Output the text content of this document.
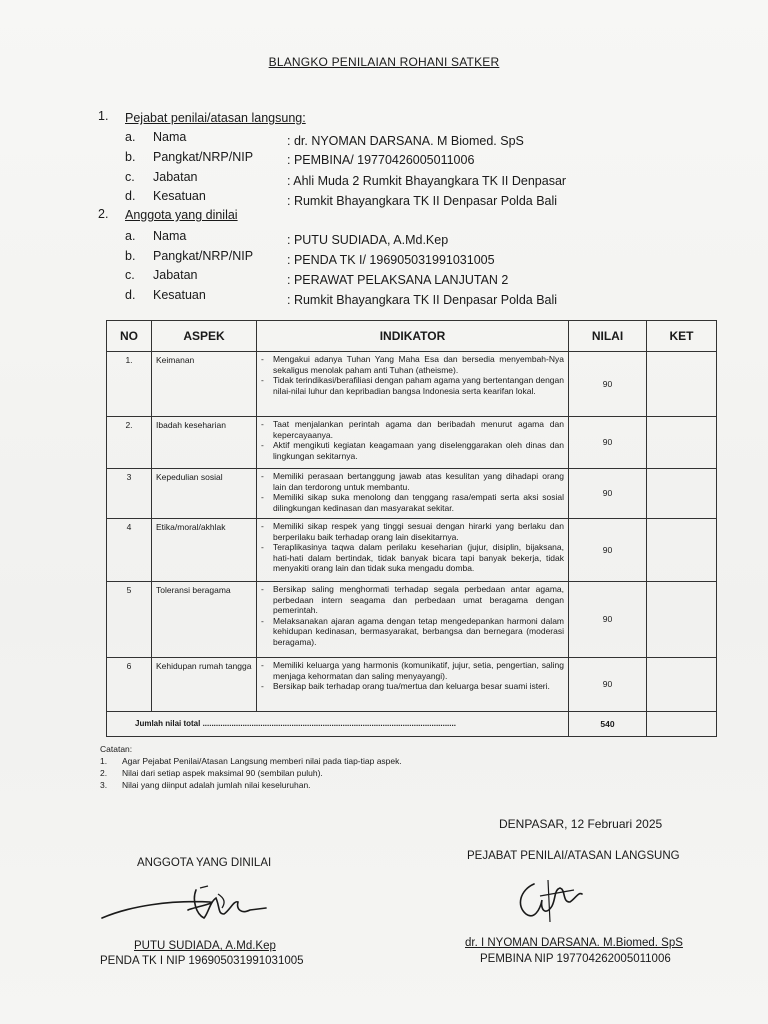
BLANGKO PENILAIAN ROHANI SATKER
1. Pejabat penilai/atasan langsung:
a. Nama	: dr. NYOMAN DARSANA. M Biomed. SpS
b. Pangkat/NRP/NIP	: PEMBINA/ 19770426005011006
c. Jabatan	: Ahli Muda 2 Rumkit Bhayangkara TK II Denpasar
d. Kesatuan	: Rumkit Bhayangkara TK II Denpasar Polda Bali
2. Anggota yang dinilai
a. Nama	: PUTU SUDIADA, A.Md.Kep
b. Pangkat/NRP/NIP	: PENDA TK I/ 196905031991031005
c. Jabatan	: PERAWAT PELAKSANA LANJUTAN 2
d. Kesatuan	: Rumkit Bhayangkara TK II Denpasar Polda Bali
NO	ASPEK	INDIKATOR	NILAI	KET
1.	Keimanan	- Mengakui adanya Tuhan Yang Maha Esa dan bersedia menyembah-Nya sekaligus menolak paham anti Tuhan (atheisme).
- Tidak terindikasi/berafiliasi dengan paham agama yang bertentangan dengan nilai-nilai luhur dan kepribadian bangsa Indonesia serta kearifan lokal.	90	
2.	Ibadah keseharian	- Taat menjalankan perintah agama dan beribadah menurut agama dan kepercayaanya.
- Aktif mengikuti kegiatan keagamaan yang diselenggarakan oleh dinas dan lingkungan sekitarnya.	90	
3	Kepedulian sosial	- Memiliki perasaan bertanggung jawab atas kesulitan yang dihadapi orang lain dan terdorong untuk membantu.
- Memiliki sikap suka menolong dan tenggang rasa/empati serta aksi sosial dilingkungan kedinasan dan masyarakat sekitar.	90	
4	Etika/moral/akhlak	- Memiliki sikap respek yang tinggi sesuai dengan hirarki yang berlaku dan berperilaku baik terhadap orang lain disekitarnya.
- Teraplikasinya taqwa dalam perilaku keseharian (jujur, disiplin, bijaksana, hati-hati dalam bertindak, tidak banyak bicara tapi banyak bekerja, tidak menyakiti orang lain dan tidak suka mengadu domba.	90	
5	Toleransi beragama	- Bersikap saling menghormati terhadap segala perbedaan antar agama, perbedaan intern seagama dan perbedaan umat beragama dengan pemerintah.
- Melaksanakan ajaran agama dengan tetap mengedepankan harmoni dalam kehidupan kedinasan, bermasyarakat, berbangsa dan bernegara (moderasi beragama).	90	
6	Kehidupan rumah tangga	- Memiliki keluarga yang harmonis (komunikatif, jujur, setia, pengertian, saling menjaga kehormatan dan saling menyayangi).
- Bersikap baik terhadap orang tua/mertua dan keluarga besar suami isteri.	90	
Jumlah nilai total ..................................................................................................................			540	
Catatan:
1. Agar Pejabat Penilai/Atasan Langsung memberi nilai pada tiap-tiap aspek.
2. Nilai dari setiap aspek maksimal 90 (sembilan puluh).
3. Nilai yang diinput adalah jumlah nilai keseluruhan.
DENPASAR, 12 Februari 2025
ANGGOTA YANG DINILAI
PUTU SUDIADA, A.Md.Kep
PENDA TK I NIP 196905031991031005
PEJABAT PENILAI/ATASAN LANGSUNG
dr. I NYOMAN DARSANA. M.Biomed. SpS
PEMBINA NIP 197704262005011006
